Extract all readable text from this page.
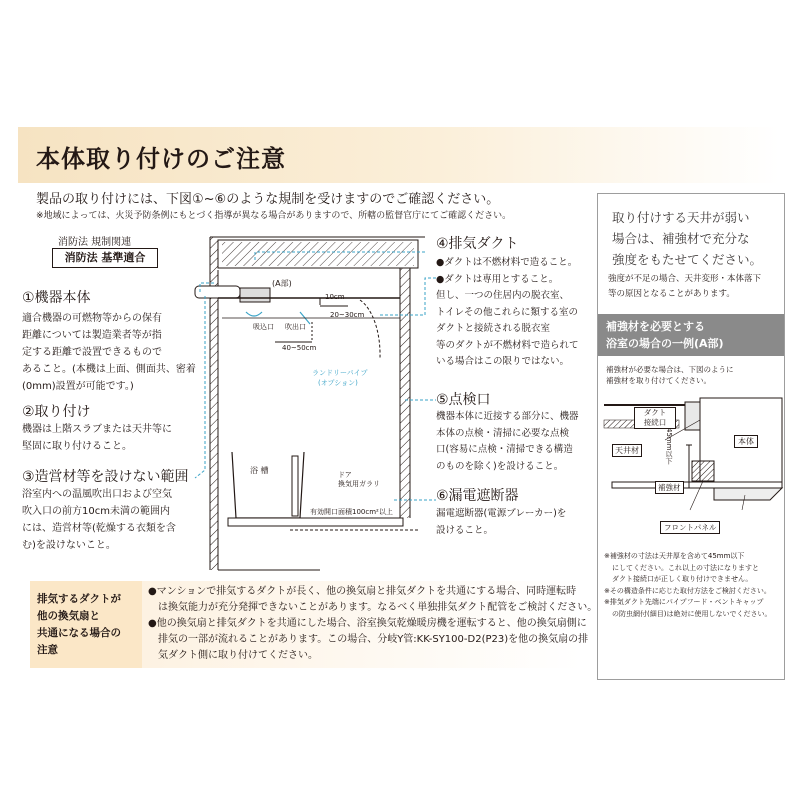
本体取り付けのご注意
製品の取り付けには、下図①~⑥のような規制を受けますのでご確認ください。
※地域によっては、火災予防条例にもとづく指導が異なる場合がありますので、所轄の監督官庁にてご確認ください。
消防法 規制関連
消防法 基準適合
①機器本体
適合機器の可燃物等からの保有
距離については製造業者等が指
定する距離で設置できるもので
あること。(本機は上面、側面共、密着
(0mm)設置が可能です。)
②取り付け
機器は上階スラブまたは天井等に
堅固に取り付けること。
③造営材等を設けない範囲
浴室内への温風吹出口および空気
吹入口の前方10cm未満の範囲内
には、造営材等(乾燥する衣類を含
む)を設けないこと。
④排気ダクト
●ダクトは不燃材料で造ること。
●ダクトは専用とすること。
但し、一つの住居内の脱衣室、
トイレその他これらに類する室の
ダクトと接続される脱衣室
等のダクトが不燃材料で造られて
いる場合はこの限りではない。
⑤点検口
機器本体に近接する部分に、機器
本体の点検・清掃に必要な点検
口(容易に点検・清掃できる構造
のものを除く)を設けること。
⑥漏電遮断器
漏電遮断器(電源ブレーカー)を
設けること。
(A部)
吸込口 吹出口
10cm
20~30cm
40~50cm
ランドリーパイプ
(オプション)
浴 槽	ドア
換気用ガラリ
有効開口面積100cm²以上
取り付けする天井が弱い
場合は、補強材で充分な
強度をもたせてください。
強度が不足の場合、天井変形・本体落下
等の原因となることがあります。
補強材を必要とする
浴室の場合の一例(A部)
補強材が必要な場合は、下図のように
補強材を取り付けてください。
ダクト
接続口
本体
天井材	45mm以下
補強材
フロントパネル
※補強材の寸法は天井厚を含めて45mm以下
にしてください。これ以上の寸法になりますと
ダクト接続口が正しく取り付けできません。
※その構造条件に応じた取付方法をご検討ください。
※排気ダクト先端にパイプフード・ベントキャップ
の防虫網付(細目)は絶対に使用しないでください。
排気するダクトが
他の換気扇と
共通になる場合の
注意
●マンションで排気するダクトが長く、他の換気扇と排気ダクトを共通にする場合、同時運転時
は換気能力が充分発揮できないことがあります。なるべく単独排気ダクト配管をご検討ください。
●他の換気扇と排気ダクトを共通にした場合、浴室換気乾燥暖房機を運転すると、他の換気扇側に
排気の一部が流れることがあります。この場合、分岐Y管:KK-SY100-D2(P23)を他の換気扇の排
気ダクト側に取り付けてください。
